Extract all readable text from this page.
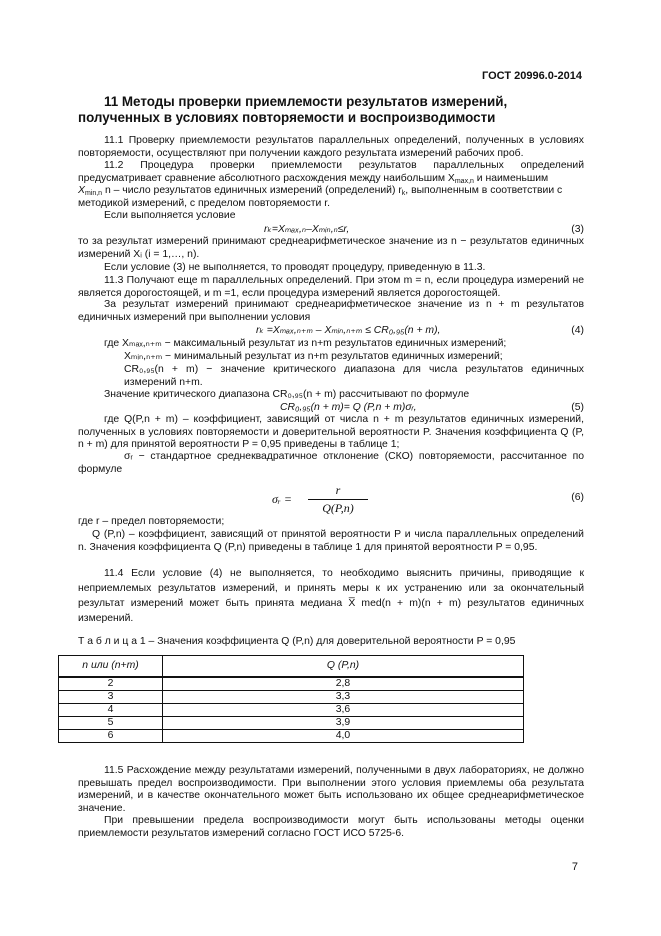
ГОСТ 20996.0-2014
11 Методы проверки приемлемости результатов измерений, полученных в условиях повторяемости и воспроизводимости
11.1 Проверку приемлемости результатов параллельных определений, полученных в условиях повторяемости, осуществляют при получении каждого результата измерений рабочих проб.
11.2 Процедура проверки приемлемости результатов параллельных определений предусматривает сравнение абсолютного расхождения между наибольшим $X_{max,n}$ и наименьшим
$X_{min,n}$ n – число результатов единичных измерений (определений) $r_k$, выполненным в соответствии с
методикой измерений, с пределом повторяемости r.
Если выполняется условие
rₖ=Xₘₐₓ,ₙ–Xₘᵢₙ,ₙ≤r,	(3)
то за результат измерений принимают среднеарифметическое значение из n − результатов единичных измерений Xᵢ (i = 1,…, n).
Если условие (3) не выполняется, то проводят процедуру, приведенную в 11.3.
11.3 Получают еще m параллельных определений. При этом m = n, если процедура измерений не является дорогостоящей, и m =1, если процедура измерений является дорогостоящей.
За результат измерений принимают среднеарифметическое значение из n + m результатов единичных измерений при выполнении условия
rₖ =Xₘₐₓ,ₙ₊ₘ – Xₘᵢₙ,ₙ₊ₘ ≤ CR₀,₉₅(n + m),	(4)
где Xₘₐₓ,ₙ₊ₘ − максимальный результат из n+m результатов единичных измерений;
Xₘᵢₙ,ₙ₊ₘ − минимальный результат из n+m результатов единичных измерений;
CR₀,₉₅(n + m) − значение критического диапазона для числа результатов единичных измерений n+m.
Значение критического диапазона CR₀,₉₅(n + m) рассчитывают по формуле
CR₀,₉₅(n + m)= Q (P,n + m)σᵣ,	(5)
где Q(P,n + m) – коэффициент, зависящий от числа n + m результатов единичных измерений, полученных в условиях повторяемости и доверительной вероятности P. Значения коэффициента Q (P, n + m) для принятой вероятности P = 0,95 приведены в таблице 1;
σᵣ − стандартное среднеквадратичное отклонение (СКО) повторяемости, рассчитанное по формуле
σᵣ = $\frac{r}{Q(P,n)}$	(6)
где r – предел повторяемости;
Q (P,n) – коэффициент, зависящий от принятой вероятности P и числа параллельных определений n. Значения коэффициента Q (P,n) приведены в таблице 1 для принятой вероятности P = 0,95.
11.4 Если условие (4) не выполняется, то необходимо выяснить причины, приводящие к неприемлемых результатов измерений, и принять меры к их устранению или за окончательный результат измерений может быть принята медиана X̅ med(n + m)(n + m) результатов единичных измерений.
Т а б л и ц а 1 – Значения коэффициента Q (P,n) для доверительной вероятности P = 0,95
n или (n+m)	Q (P,n)
2	2,8
3	3,3
4	3,6
5	3,9
6	4,0
11.5 Расхождение между результатами измерений, полученными в двух лабораториях, не должно превышать предел воспроизводимости. При выполнении этого условия приемлемы оба результата измерений, и в качестве окончательного может быть использовано их общее среднеарифметическое значение.
При превышении предела воспроизводимости могут быть использованы методы оценки приемлемости результатов измерений согласно ГОСТ ИСО 5725-6.
7
